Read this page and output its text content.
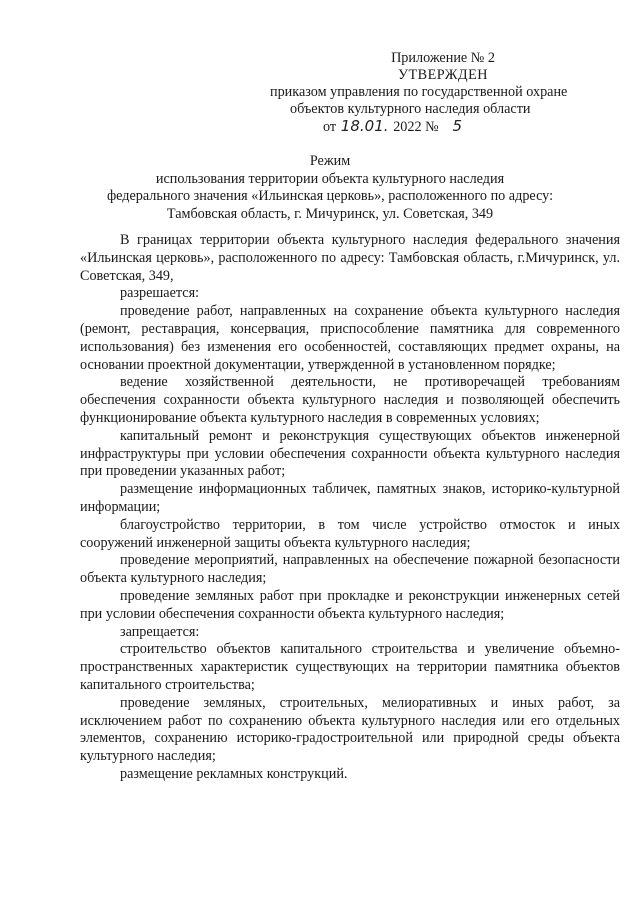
Приложение № 2
УТВЕРЖДЕН
приказом управления по государственной охране
объектов культурного наследия области
от 18.01. 2022 № 5
Режим
использования территории объекта культурного наследия
федерального значения «Ильинская церковь», расположенного по адресу:
Тамбовская область, г. Мичуринск, ул. Советская, 349

В границах территории объекта культурного наследия федерального значения «Ильинская церковь», расположенного по адресу: Тамбовская область, г.Мичуринск, ул. Советская, 349,

разрешается:

проведение работ, направленных на сохранение объекта культурного наследия (ремонт, реставрация, консервация, приспособление памятника для современного использования) без изменения его особенностей, составляющих предмет охраны, на основании проектной документации, утвержденной в установленном порядке;

ведение хозяйственной деятельности, не противоречащей требованиям обеспечения сохранности объекта культурного наследия и позволяющей обеспечить функционирование объекта культурного наследия в современных условиях;

капитальный ремонт и реконструкция существующих объектов инженерной инфраструктуры при условии обеспечения сохранности объекта культурного наследия при проведении указанных работ;

размещение информационных табличек, памятных знаков, историко-культурной информации;

благоустройство территории, в том числе устройство отмосток и иных сооружений инженерной защиты объекта культурного наследия;

проведение мероприятий, направленных на обеспечение пожарной безопасности объекта культурного наследия;

проведение земляных работ при прокладке и реконструкции инженерных сетей при условии обеспечения сохранности объекта культурного наследия;

запрещается:

строительство объектов капитального строительства и увеличение объемно-пространственных характеристик существующих на территории памятника объектов капитального строительства;

проведение земляных, строительных, мелиоративных и иных работ, за исключением работ по сохранению объекта культурного наследия или его отдельных элементов, сохранению историко-градостроительной или природной среды объекта культурного наследия;

размещение рекламных конструкций.
